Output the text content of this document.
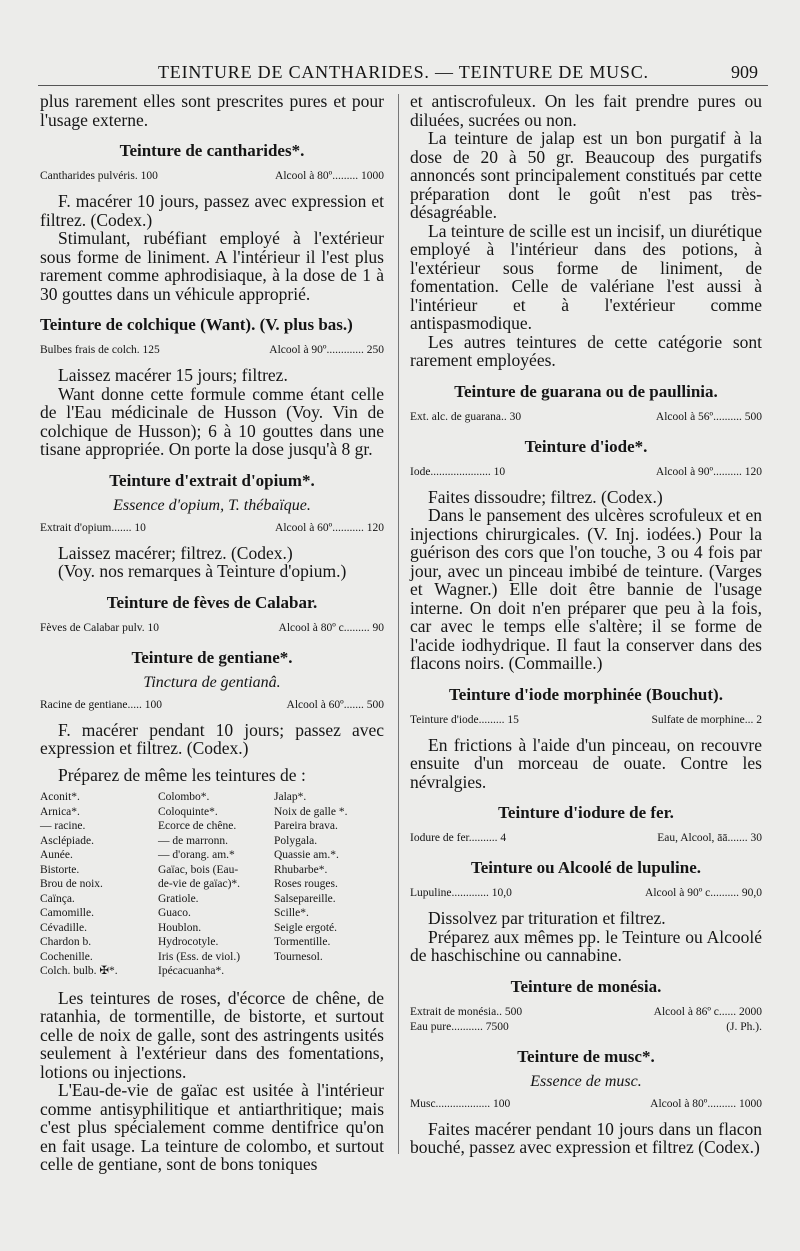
TEINTURE DE CANTHARIDES. — TEINTURE DE MUSC.	909

plus rarement elles sont prescrites pures et pour l'usage externe.

Teinture de cantharides*.
Cantharides pulvéris. 100	Alcool à 80º......... 1000

F. macérer 10 jours, passez avec expression et filtrez. (Codex.)

Stimulant, rubéfiant employé à l'extérieur sous forme de liniment. A l'intérieur il l'est plus rarement comme aphrodisiaque, à la dose de 1 à 30 gouttes dans un véhicule approprié.

Teinture de colchique (Want). (V. plus bas.)
Bulbes frais de colch. 125	Alcool à 90º............. 250

Laissez macérer 15 jours; filtrez.

Want donne cette formule comme étant celle de l'Eau médicinale de Husson (Voy. Vin de colchique de Husson); 6 à 10 gouttes dans une tisane appropriée. On porte la dose jusqu'à 8 gr.

Teinture d'extrait d'opium*.
Essence d'opium, T. thébaïque.
Extrait d'opium....... 10	Alcool à 60º........... 120

Laissez macérer; filtrez. (Codex.)

(Voy. nos remarques à Teinture d'opium.)

Teinture de fèves de Calabar.
Fèves de Calabar pulv. 10	Alcool à 80º c......... 90
Teinture de gentiane*.
Tinctura de gentianâ.
Racine de gentiane..... 100	Alcool à 60º....... 500

F. macérer pendant 10 jours; passez avec expression et filtrez. (Codex.)

Préparez de même les teintures de :

Aconit*.	Colombo*.	Jalap*.
Arnica*.	Coloquinte*.	Noix de galle *.
— racine.	Ecorce de chêne.	Pareira brava.
Asclépiade.	— de marronn.	Polygala.
Aunée.	— d'orang. am.*	Quassie am.*.
Bistorte.	Gaïac, bois (Eau-	Rhubarbe*.
Brou de noix.	de-vie de gaïac)*.	Roses rouges.
Caïnça.	Gratiole.	Salsepareille.
Camomille.	Guaco.	Scille*.
Cévadille.	Houblon.	Seigle ergoté.
Chardon b.	Hydrocotyle.	Tormentille.
Cochenille.	Iris (Ess. de viol.)	Tournesol.
Colch. bulb. ✠*.	Ipécacuanha*.

Les teintures de roses, d'écorce de chêne, de ratanhia, de tormentille, de bistorte, et surtout celle de noix de galle, sont des astringents usités seulement à l'extérieur dans des fomentations, lotions ou injections.

L'Eau-de-vie de gaïac est usitée à l'intérieur comme antisyphilitique et antiarthritique; mais c'est plus spécialement comme dentifrice qu'on en fait usage. La teinture de colombo, et surtout celle de gentiane, sont de bons toniques

et antiscrofuleux. On les fait prendre pures ou diluées, sucrées ou non.

La teinture de jalap est un bon purgatif à la dose de 20 à 50 gr. Beaucoup des purgatifs annoncés sont principalement constitués par cette préparation dont le goût n'est pas très-désagréable.

La teinture de scille est un incisif, un diurétique employé à l'intérieur dans des potions, à l'extérieur sous forme de liniment, de fomentation. Celle de valériane l'est aussi à l'intérieur et à l'extérieur comme antispasmodique.

Les autres teintures de cette catégorie sont rarement employées.

Teinture de guarana ou de paullinia.
Ext. alc. de guarana.. 30	Alcool à 56º.......... 500
Teinture d'iode*.
Iode..................... 10	Alcool à 90º.......... 120

Faites dissoudre; filtrez. (Codex.)

Dans le pansement des ulcères scrofuleux et en injections chirurgicales. (V. Inj. iodées.) Pour la guérison des cors que l'on touche, 3 ou 4 fois par jour, avec un pinceau imbibé de teinture. (Varges et Wagner.) Elle doit être bannie de l'usage interne. On doit n'en préparer que peu à la fois, car avec le temps elle s'altère; il se forme de l'acide iodhydrique. Il faut la conserver dans des flacons noirs. (Commaille.)

Teinture d'iode morphinée (Bouchut).
Teinture d'iode......... 15	Sulfate de morphine... 2

En frictions à l'aide d'un pinceau, on recouvre ensuite d'un morceau de ouate. Contre les névralgies.

Teinture d'iodure de fer.
Iodure de fer.......... 4	Eau, Alcool, āā....... 30
Teinture ou Alcoolé de lupuline.
Lupuline............. 10,0	Alcool à 90º c.......... 90,0

Dissolvez par trituration et filtrez.

Préparez aux mêmes pp. le Teinture ou Alcoolé de haschischine ou cannabine.

Teinture de monésia.
Extrait de monésia.. 500	Alcool à 86º c...... 2000
Eau pure........... 7500	(J. Ph.).
Teinture de musc*.
Essence de musc.
Musc................... 100	Alcool à 80º.......... 1000

Faites macérer pendant 10 jours dans un flacon bouché, passez avec expression et filtrez (Codex.)
